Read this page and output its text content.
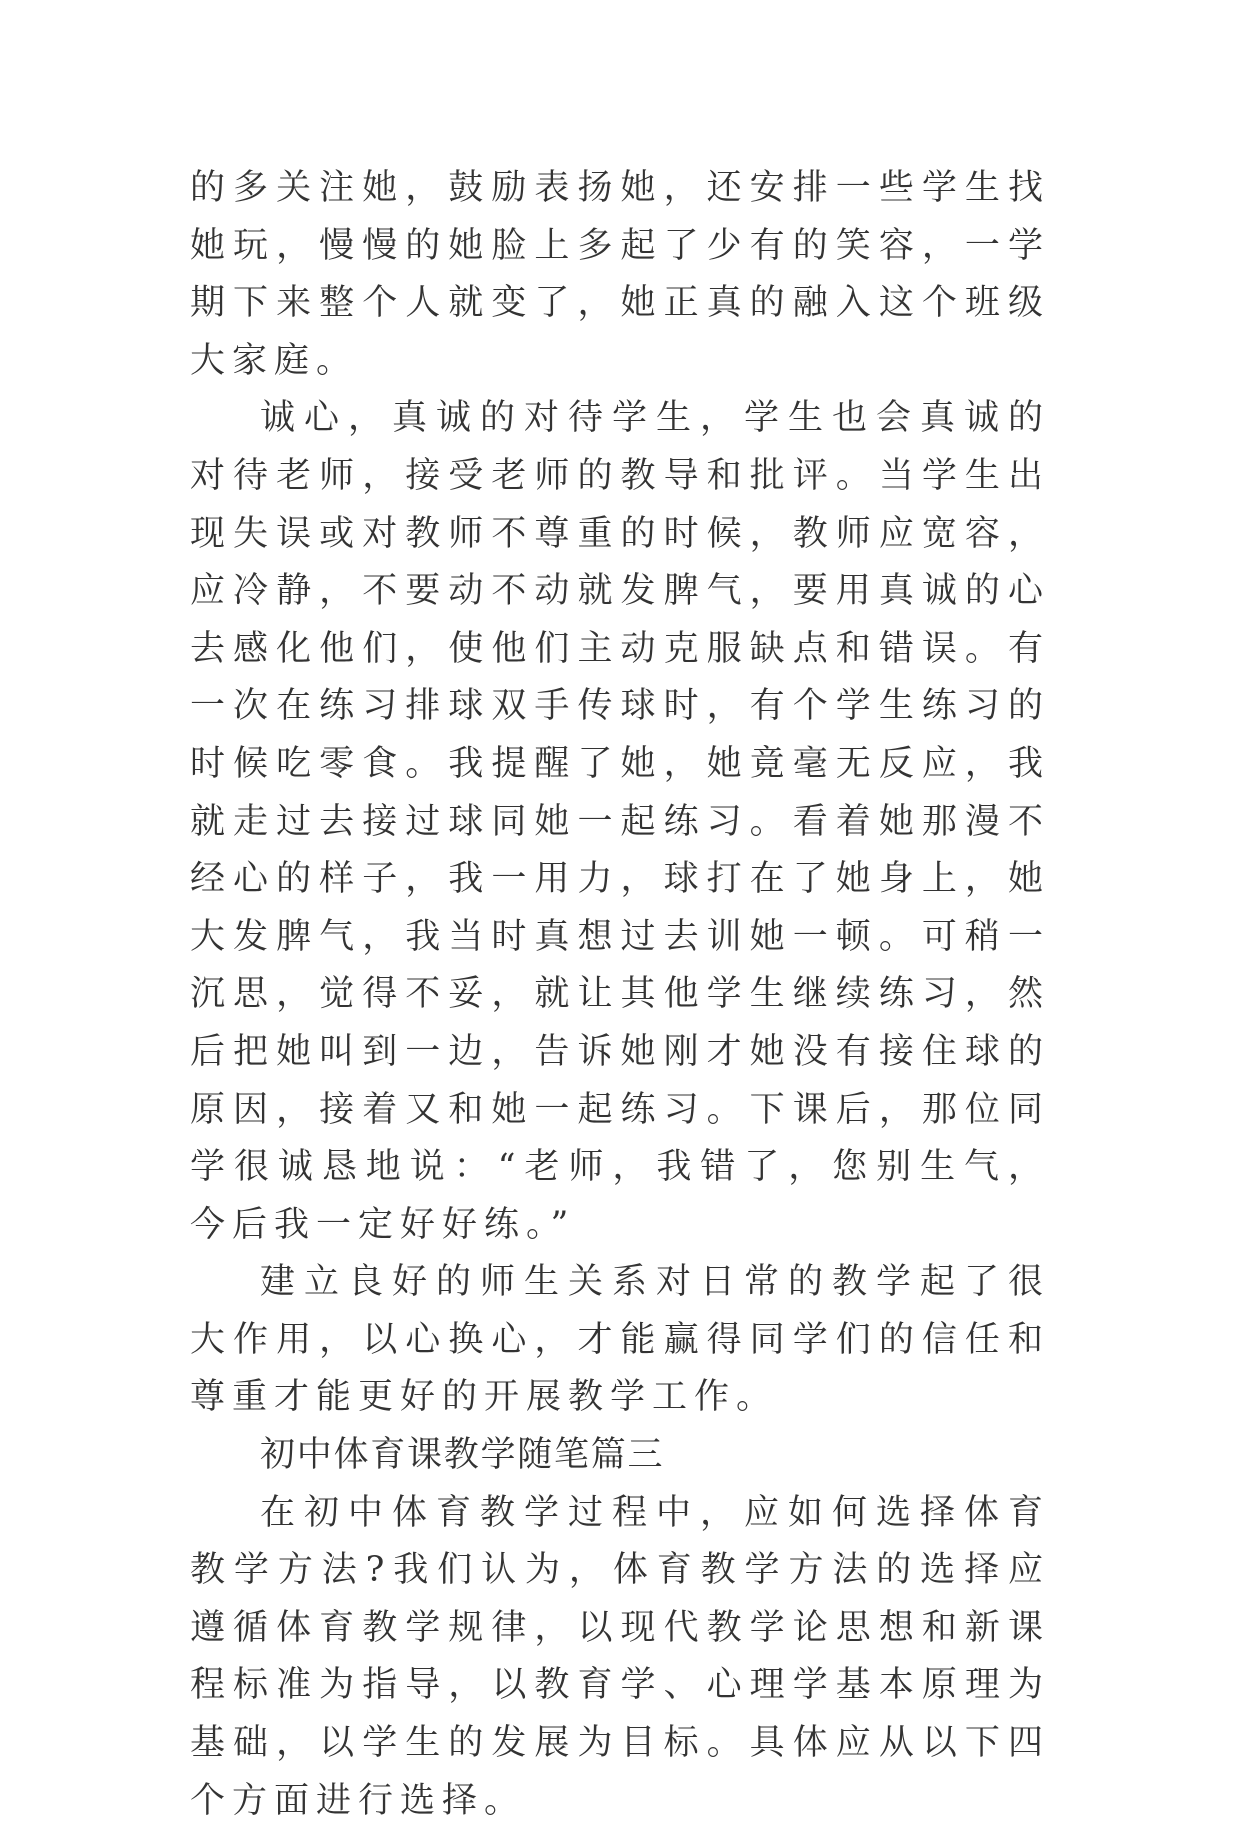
的多关注她，鼓励表扬她，还安排一些学生找她玩，慢慢的她脸上多起了少有的笑容，一学期下来整个人就变了，她正真的融入这个班级大家庭。

诚心，真诚的对待学生，学生也会真诚的对待老师，接受老师的教导和批评。当学生出现失误或对教师不尊重的时候，教师应宽容，应冷静，不要动不动就发脾气，要用真诚的心去感化他们，使他们主动克服缺点和错误。有一次在练习排球双手传球时，有个学生练习的时候吃零食。我提醒了她，她竟毫无反应，我就走过去接过球同她一起练习。看着她那漫不经心的样子，我一用力，球打在了她身上，她大发脾气，我当时真想过去训她一顿。可稍一沉思，觉得不妥，就让其他学生继续练习，然后把她叫到一边，告诉她刚才她没有接住球的原因，接着又和她一起练习。下课后，那位同学很诚恳地说：“老师，我错了，您别生气，今后我一定好好练。”

建立良好的师生关系对日常的教学起了很大作用，以心换心，才能赢得同学们的信任和尊重才能更好的开展教学工作。

初中体育课教学随笔篇三

在初中体育教学过程中，应如何选择体育教学方法?我们认为，体育教学方法的选择应遵循体育教学规律，以现代教学论思想和新课程标准为指导，以教育学、心理学基本原理为基础，以学生的发展为目标。具体应从以下四个方面进行选择。
